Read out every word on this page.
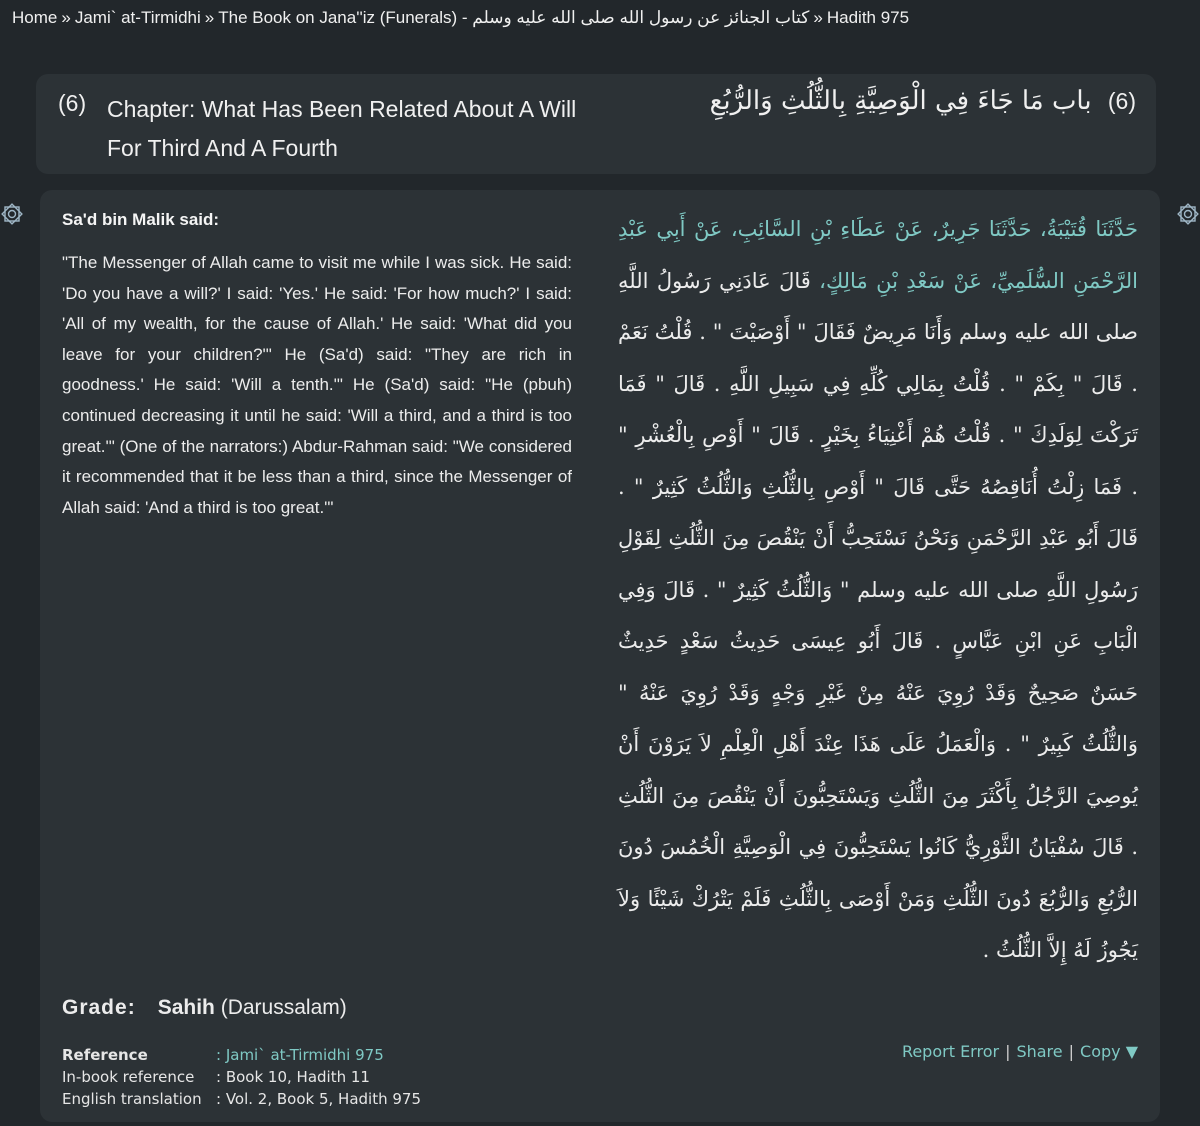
Home » Jami` at-Tirmidhi » The Book on Jana''iz (Funerals) - كتاب الجنائز عن رسول الله صلى الله عليه وسلم » Hadith 975
(6) Chapter: What Has Been Related About A Will For Third And A Fourth
(6) باب مَا جَاءَ فِي الْوَصِيَّةِ بِالثُّلُثِ وَالرُّبُعِ
Sa'd bin Malik said:
"The Messenger of Allah came to visit me while I was sick. He said: 'Do you have a will?' I said: 'Yes.' He said: 'For how much?' I said: 'All of my wealth, for the cause of Allah.' He said: 'What did you leave for your children?'" He (Sa'd) said: "They are rich in goodness.' He said: 'Will a tenth.'" He (Sa'd) said: "He (pbuh) continued decreasing it until he said: 'Will a third, and a third is too great.'" (One of the narrators:) Abdur-Rahman said: "We considered it recommended that it be less than a third, since the Messenger of Allah said: 'And a third is too great.'"
حَدَّثَنَا قُتَيْبَةُ، حَدَّثَنَا جَرِيرٌ، عَنْ عَطَاءِ بْنِ السَّائِبِ، عَنْ أَبِي عَبْدِ الرَّحْمَنِ السُّلَمِيِّ، عَنْ سَعْدِ بْنِ مَالِكٍ، قَالَ عَادَنِي رَسُولُ اللَّهِ صلى الله عليه وسلم وَأَنَا مَرِيضٌ فَقَالَ " أَوْصَيْتَ " . قُلْتُ نَعَمْ . قَالَ " بِكَمْ " . قُلْتُ بِمَالِي كُلِّهِ فِي سَبِيلِ اللَّهِ . قَالَ " فَمَا تَرَكْتَ لِوَلَدِكَ " . قُلْتُ هُمْ أَغْنِيَاءُ بِخَيْرٍ . قَالَ " أَوْصِ بِالْعُشْرِ " . فَمَا زِلْتُ أُنَاقِصُهُ حَتَّى قَالَ " أَوْصِ بِالثُّلُثِ وَالثُّلُثُ كَثِيرٌ " . قَالَ أَبُو عَبْدِ الرَّحْمَنِ وَنَحْنُ نَسْتَحِبُّ أَنْ يَنْقُصَ مِنَ الثُّلُثِ لِقَوْلِ رَسُولِ اللَّهِ صلى الله عليه وسلم " وَالثُّلُثُ كَثِيرٌ " . قَالَ وَفِي الْبَابِ عَنِ ابْنِ عَبَّاسٍ . قَالَ أَبُو عِيسَى حَدِيثُ سَعْدٍ حَدِيثٌ حَسَنٌ صَحِيحٌ وَقَدْ رُوِيَ عَنْهُ مِنْ غَيْرِ وَجْهٍ وَقَدْ رُوِيَ عَنْهُ " وَالثُّلُثُ كَبِيرٌ " . وَالْعَمَلُ عَلَى هَذَا عِنْدَ أَهْلِ الْعِلْمِ لاَ يَرَوْنَ أَنْ يُوصِيَ الرَّجُلُ بِأَكْثَرَ مِنَ الثُّلُثِ وَيَسْتَحِبُّونَ أَنْ يَنْقُصَ مِنَ الثُّلُثِ . قَالَ سُفْيَانُ الثَّوْرِيُّ كَانُوا يَسْتَحِبُّونَ فِي الْوَصِيَّةِ الْخُمُسَ دُونَ الرُّبُعِ وَالرُّبُعَ دُونَ الثُّلُثِ وَمَنْ أَوْصَى بِالثُّلُثِ فَلَمْ يَتْرُكْ شَيْئًا وَلاَ يَجُوزُ لَهُ إِلاَّ الثُّلُثُ .
Grade: Sahih (Darussalam)
Reference	: Jami` at-Tirmidhi 975
In-book reference	: Book 10, Hadith 11
English translation	: Vol. 2, Book 5, Hadith 975
Report Error | Share | Copy ▼
